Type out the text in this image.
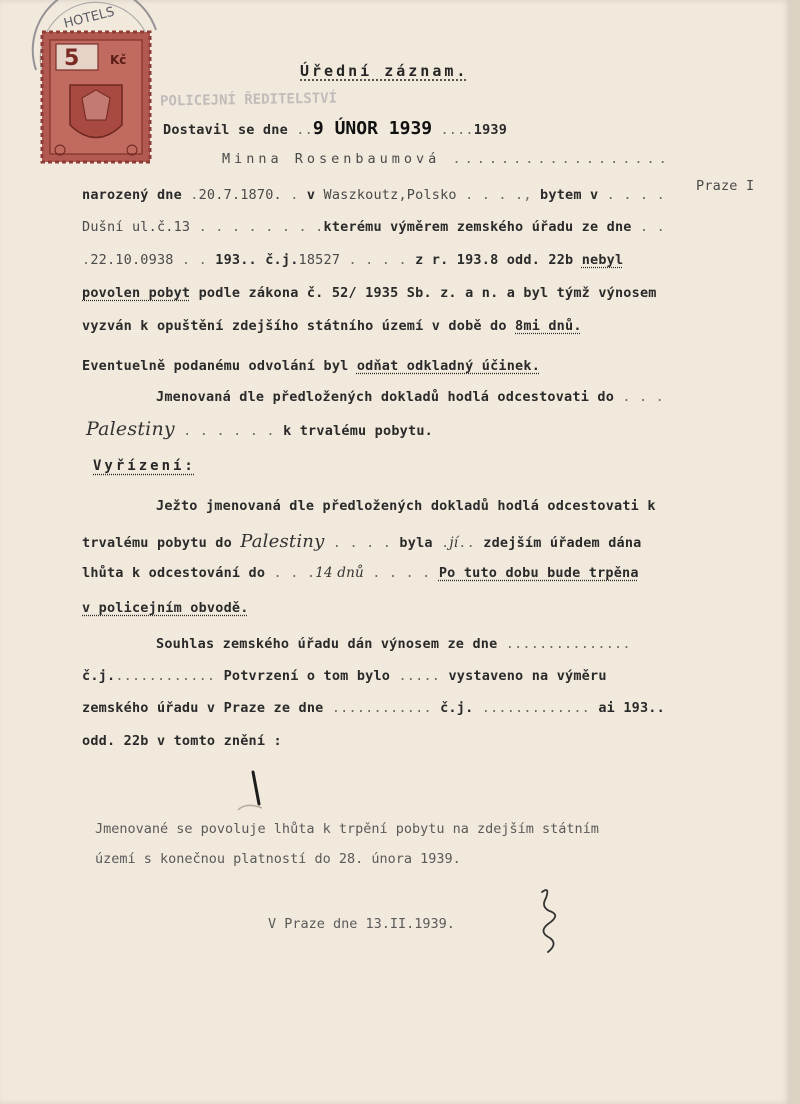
HOTELS
5	Kč
POLICEJNÍ ŘEDITELSTVÍ
Úřední záznam.
Dostavil se dne ..9 ÚNOR 1939 ....1939
Minna Rosenbaumová ..................
narozený dne .20.7.1870. . v Waszkoutz,Polsko . . . ., bytem v . . . .
Praze I
Dušní ul.č.13 . . . . . . . .kterému výměrem zemského úřadu ze dne . .
.22.10.0938 . . 193.. č.j.18527 . . . . z r. 193.8 odd. 22b nebyl
povolen pobyt podle zákona č. 52/ 1935 Sb. z. a n. a byl týmž výnosem
vyzván k opuštění zdejšího státního území v době do 8mi dnů.
Eventuelně podanému odvolání byl odňat odkladný účinek.
Jmenovaná dle předložených dokladů hodlá odcestovati do . . .
Palestiny . . . . . . k trvalému pobytu.
Vyřízení:
Ježto jmenovaná dle předložených dokladů hodlá odcestovati k
trvalému pobytu do Palestiny . . . . byla .jí.. zdejším úřadem dána
lhůta k odcestování do . . .14 dnů . . . . Po tuto dobu bude trpěna
v policejním obvodě.
Souhlas zemského úřadu dán výnosem ze dne ...............
č.j............. Potvrzení o tom bylo ..... vystaveno na výměru
zemského úřadu v Praze ze dne ............ č.j. ............. ai 193..
odd. 22b v tomto znění :
Jmenované se povoluje lhůta k trpění pobytu na zdejším státním
území s konečnou platností do 28. února 1939.
V Praze dne 13.II.1939.
